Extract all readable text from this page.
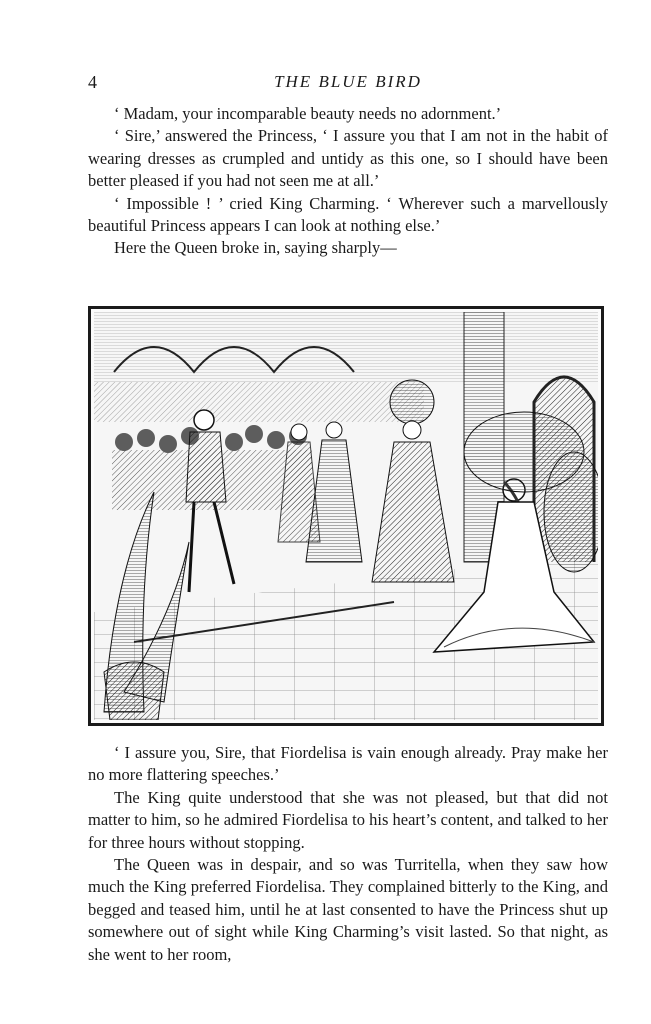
4	THE BLUE BIRD

‘ Madam, your incomparable beauty needs no adornment.’

‘ Sire,’ answered the Princess, ‘ I assure you that I am not in the habit of wearing dresses as crumpled and untidy as this one, so I should have been better pleased if you had not seen me at all.’

‘ Impossible ! ’ cried King Charming. ‘ Wherever such a marvellously beautiful Princess appears I can look at nothing else.’

Here the Queen broke in, saying sharply—

‘ I assure you, Sire, that Fiordelisa is vain enough already. Pray make her no more flattering speeches.’

The King quite understood that she was not pleased, but that did not matter to him, so he admired Fiordelisa to his heart’s content, and talked to her for three hours without stopping.

The Queen was in despair, and so was Turritella, when they saw how much the King preferred Fiordelisa. They complained bitterly to the King, and begged and teased him, until he at last consented to have the Princess shut up somewhere out of sight while King Charming’s visit lasted. So that night, as she went to her room,
